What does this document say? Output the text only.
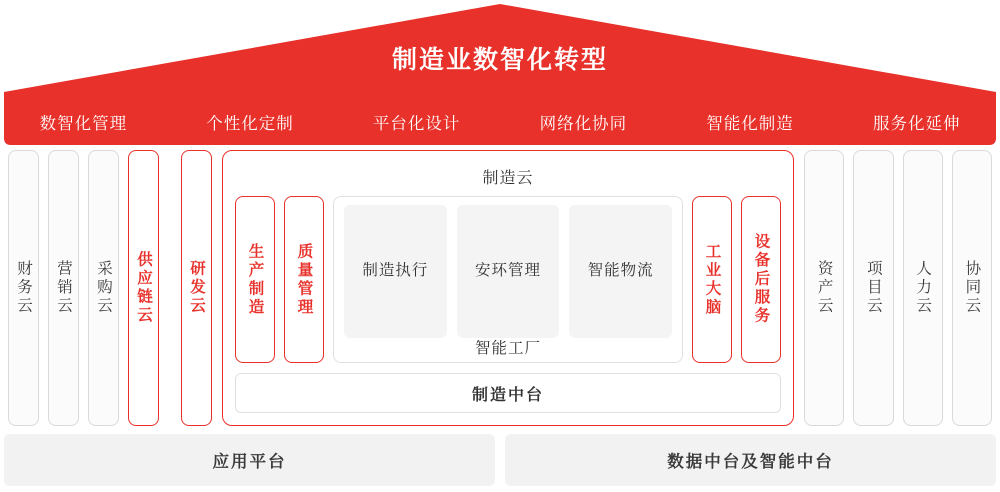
制造业数智化转型
数智化管理	个性化定制	平台化设计	网络化协同	智能化制造	服务化延伸
财务云 营销云 采购云 供应链云 研发云
制造云
生产制造 质量管理	制造执行	安环管理	智能物流
智能工厂
工业大脑 设备后服务
制造中台
资产云 项目云 人力云 协同云
应用平台	数据中台及智能中台
